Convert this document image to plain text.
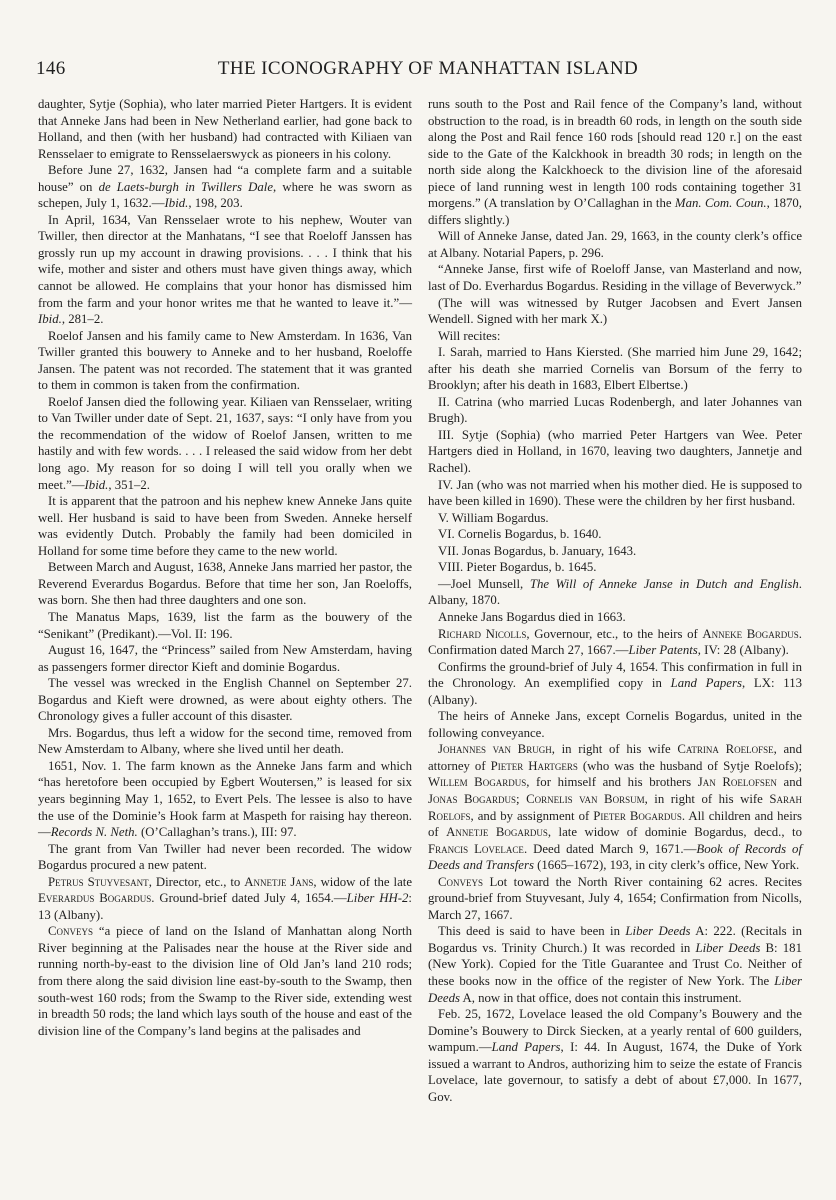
146	THE ICONOGRAPHY OF MANHATTAN ISLAND

daughter, Sytje (Sophia), who later married Pieter Hartgers. It is evident that Anneke Jans had been in New Netherland earlier, had gone back to Holland, and then (with her husband) had contracted with Kiliaen van Rensselaer to emigrate to Rensselaerswyck as pioneers in his colony.

Before June 27, 1632, Jansen had “a complete farm and a suitable house” on de Laets-burgh in Twillers Dale, where he was sworn as schepen, July 1, 1632.—Ibid., 198, 203.

In April, 1634, Van Rensselaer wrote to his nephew, Wouter van Twiller, then director at the Manhatans, “I see that Roeloff Janssen has grossly run up my account in drawing provisions. . . . I think that his wife, mother and sister and others must have given things away, which cannot be allowed. He complains that your honor has dismissed him from the farm and your honor writes me that he wanted to leave it.”—Ibid., 281–2.

Roelof Jansen and his family came to New Amsterdam. In 1636, Van Twiller granted this bouwery to Anneke and to her husband, Roeloffe Jansen. The patent was not recorded. The statement that it was granted to them in common is taken from the confirmation.

Roelof Jansen died the following year. Kiliaen van Rensselaer, writing to Van Twiller under date of Sept. 21, 1637, says: “I only have from you the recommendation of the widow of Roelof Jansen, written to me hastily and with few words. . . . I released the said widow from her debt long ago. My reason for so doing I will tell you orally when we meet.”—Ibid., 351–2.

It is apparent that the patroon and his nephew knew Anneke Jans quite well. Her husband is said to have been from Sweden. Anneke herself was evidently Dutch. Probably the family had been domiciled in Holland for some time before they came to the new world.

Between March and August, 1638, Anneke Jans married her pastor, the Reverend Everardus Bogardus. Before that time her son, Jan Roeloffs, was born. She then had three daughters and one son.

The Manatus Maps, 1639, list the farm as the bouwery of the “Senikant” (Predikant).—Vol. II: 196.

August 16, 1647, the “Princess” sailed from New Amsterdam, having as passengers former director Kieft and dominie Bogardus.

The vessel was wrecked in the English Channel on September 27. Bogardus and Kieft were drowned, as were about eighty others. The Chronology gives a fuller account of this disaster.

Mrs. Bogardus, thus left a widow for the second time, removed from New Amsterdam to Albany, where she lived until her death.

1651, Nov. 1. The farm known as the Anneke Jans farm and which “has heretofore been occupied by Egbert Woutersen,” is leased for six years beginning May 1, 1652, to Evert Pels. The lessee is also to have the use of the Dominie’s Hook farm at Maspeth for raising hay thereon.—Records N. Neth. (O’Callaghan’s trans.), III: 97.

The grant from Van Twiller had never been recorded. The widow Bogardus procured a new patent.

Petrus Stuyvesant, Director, etc., to Annetje Jans, widow of the late Everardus Bogardus. Ground-brief dated July 4, 1654.—Liber HH-2: 13 (Albany).

Conveys “a piece of land on the Island of Manhattan along North River beginning at the Palisades near the house at the River side and running north-by-east to the division line of Old Jan’s land 210 rods; from there along the said division line east-by-south to the Swamp, then south-west 160 rods; from the Swamp to the River side, extending west in breadth 50 rods; the land which lays south of the house and east of the division line of the Company’s land begins at the palisades and

runs south to the Post and Rail fence of the Company’s land, without obstruction to the road, is in breadth 60 rods, in length on the south side along the Post and Rail fence 160 rods [should read 120 r.] on the east side to the Gate of the Kalckhook in breadth 30 rods; in length on the north side along the Kalckhoeck to the division line of the aforesaid piece of land running west in length 100 rods containing together 31 morgens.” (A translation by O’Callaghan in the Man. Com. Coun., 1870, differs slightly.)

Will of Anneke Janse, dated Jan. 29, 1663, in the county clerk’s office at Albany. Notarial Papers, p. 296.

“Anneke Janse, first wife of Roeloff Janse, van Masterland and now, last of Do. Everhardus Bogardus. Residing in the village of Beverwyck.”

(The will was witnessed by Rutger Jacobsen and Evert Jansen Wendell. Signed with her mark X.)

Will recites:

I. Sarah, married to Hans Kiersted. (She married him June 29, 1642; after his death she married Cornelis van Borsum of the ferry to Brooklyn; after his death in 1683, Elbert Elbertse.)

II. Catrina (who married Lucas Rodenbergh, and later Johannes van Brugh).

III. Sytje (Sophia) (who married Peter Hartgers van Wee. Peter Hartgers died in Holland, in 1670, leaving two daughters, Jannetje and Rachel).

IV. Jan (who was not married when his mother died. He is supposed to have been killed in 1690). These were the children by her first husband.

V. William Bogardus.

VI. Cornelis Bogardus, b. 1640.

VII. Jonas Bogardus, b. January, 1643.

VIII. Pieter Bogardus, b. 1645.

—Joel Munsell, The Will of Anneke Janse in Dutch and English. Albany, 1870.

Anneke Jans Bogardus died in 1663.

Richard Nicolls, Governour, etc., to the heirs of Anneke Bogardus. Confirmation dated March 27, 1667.—Liber Patents, IV: 28 (Albany).

Confirms the ground-brief of July 4, 1654. This confirmation in full in the Chronology. An exemplified copy in Land Papers, LX: 113 (Albany).

The heirs of Anneke Jans, except Cornelis Bogardus, united in the following conveyance.

Johannes van Brugh, in right of his wife Catrina Roelofse, and attorney of Pieter Hartgers (who was the husband of Sytje Roelofs); Willem Bogardus, for himself and his brothers Jan Roelofsen and Jonas Bogardus; Cornelis van Borsum, in right of his wife Sarah Roelofs, and by assignment of Pieter Bogardus. All children and heirs of Annetje Bogardus, late widow of dominie Bogardus, decd., to Francis Lovelace. Deed dated March 9, 1671.—Book of Records of Deeds and Transfers (1665–1672), 193, in city clerk’s office, New York.

Conveys Lot toward the North River containing 62 acres. Recites ground-brief from Stuyvesant, July 4, 1654; Confirmation from Nicolls, March 27, 1667.

This deed is said to have been in Liber Deeds A: 222. (Recitals in Bogardus vs. Trinity Church.) It was recorded in Liber Deeds B: 181 (New York). Copied for the Title Guarantee and Trust Co. Neither of these books now in the office of the register of New York. The Liber Deeds A, now in that office, does not contain this instrument.

Feb. 25, 1672, Lovelace leased the old Company’s Bouwery and the Domine’s Bouwery to Dirck Siecken, at a yearly rental of 600 guilders, wampum.—Land Papers, I: 44. In August, 1674, the Duke of York issued a warrant to Andros, authorizing him to seize the estate of Francis Lovelace, late governour, to satisfy a debt of about £7,000. In 1677, Gov.
